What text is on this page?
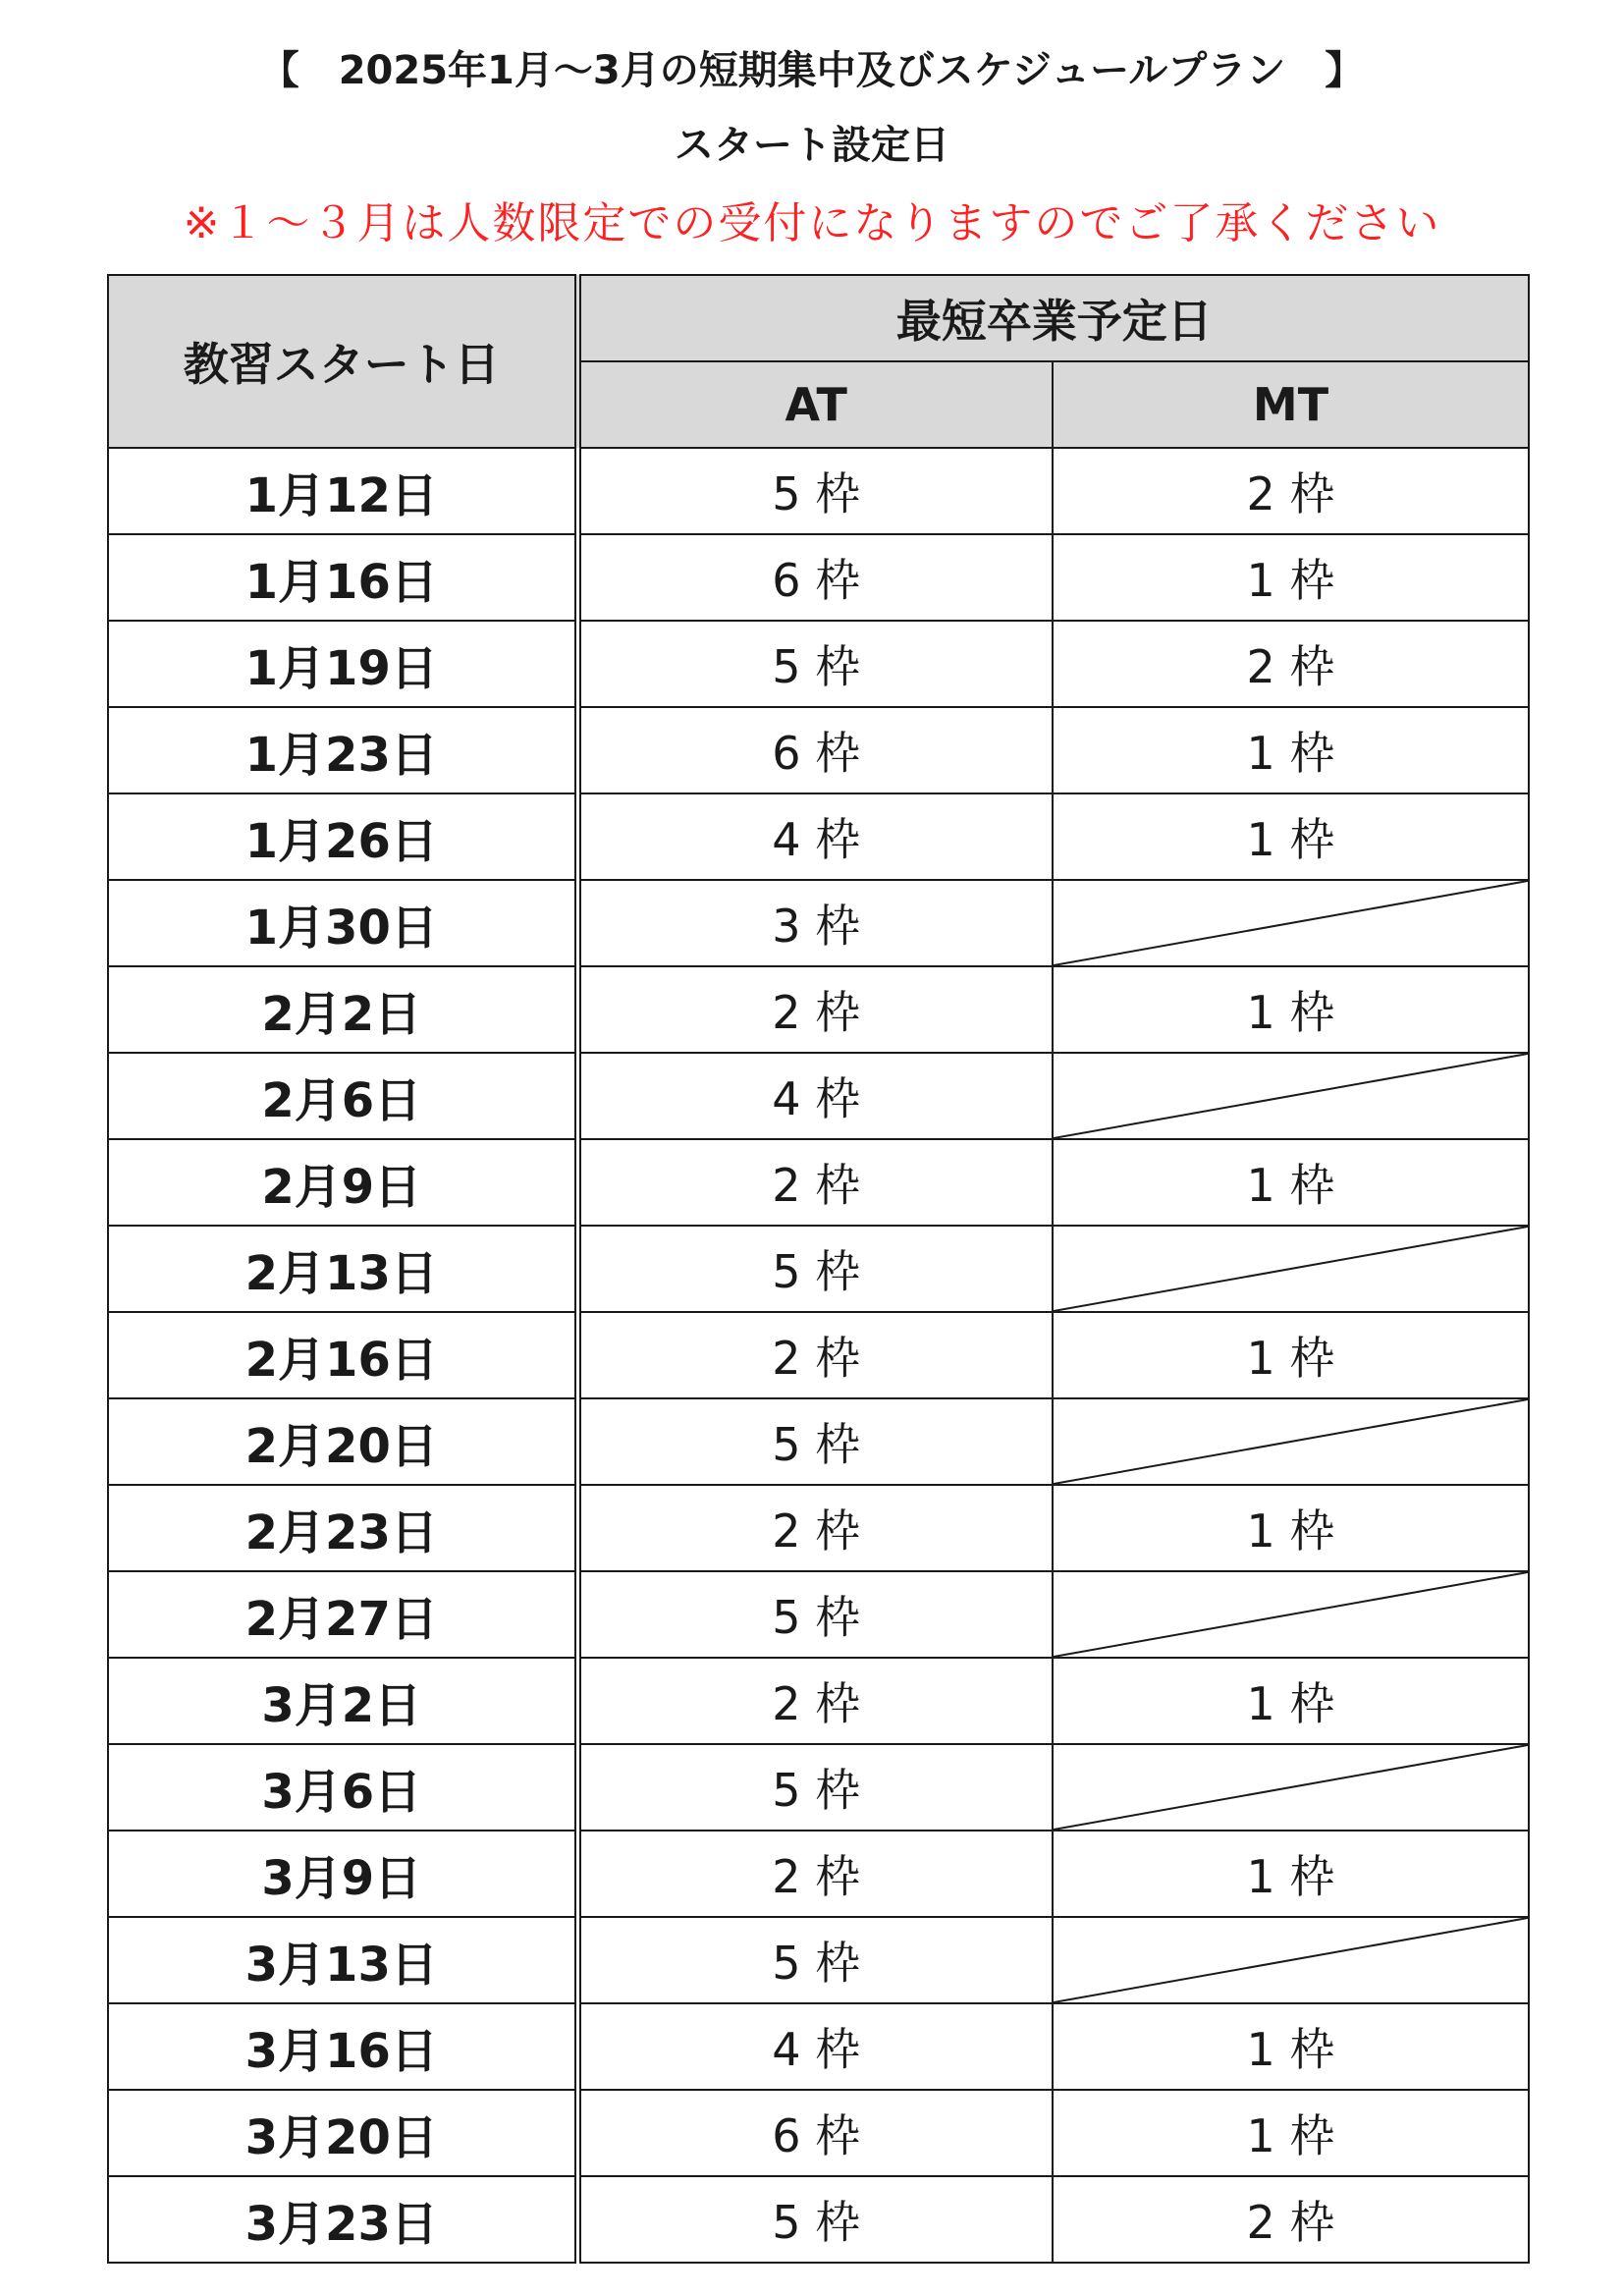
【　2025年1月～3月の短期集中及びスケジュールプラン　】
スタート設定日

※１～３月は人数限定での受付になりますのでご了承ください

教習スタート日	最短卒業予定日	
	AT	MT
1月12日	5 枠	2 枠
1月16日	6 枠	1 枠
1月19日	5 枠	2 枠
1月23日	6 枠	1 枠
1月26日	4 枠	1 枠
1月30日	3 枠	

2月2日	2 枠	1 枠
2月6日	4 枠	

2月9日	2 枠	1 枠
2月13日	5 枠	

2月16日	2 枠	1 枠
2月20日	5 枠	

2月23日	2 枠	1 枠
2月27日	5 枠	

3月2日	2 枠	1 枠
3月6日	5 枠	

3月9日	2 枠	1 枠
3月13日	5 枠	

3月16日	4 枠	1 枠
3月20日	6 枠	1 枠
3月23日	5 枠	2 枠
